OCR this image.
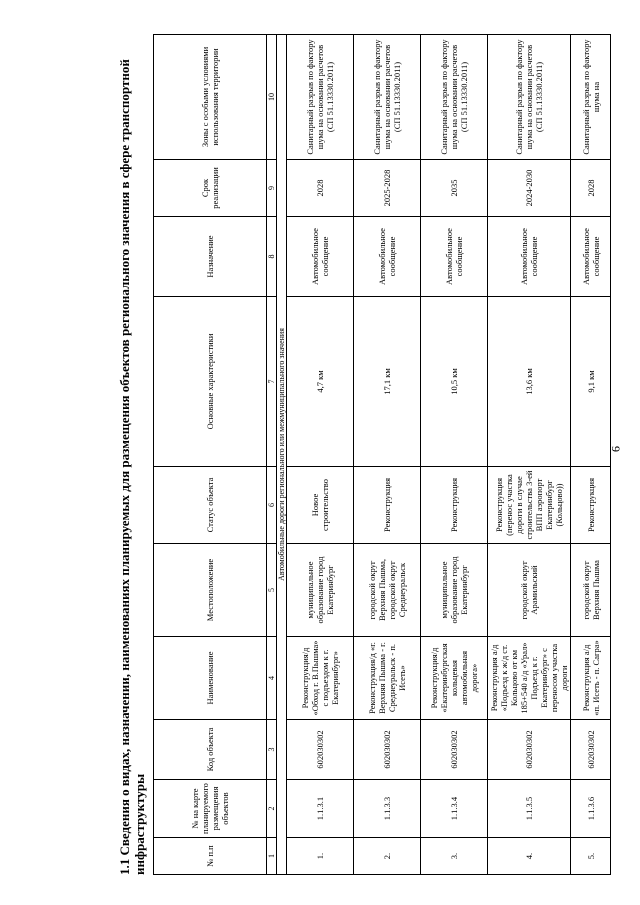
9
1.1 Сведения о видах, назначении, наименованиях планируемых для размещения объектов регионального значения в сфере транспортной инфраструктуры	№ п.п	№ на карте планируемого размещения объектов	Код объекта	Наименование	Местоположение	Статус объекта	Основные характеристики	Назначение	Срок реализации	Зоны с особыми условиями использования территории
1	2	3	4	5	6	7	8	9	10
Автомобильные дороги регионального или межмуниципального значения									
1.	1.1.3.1	602030302	Реконструкция/д «Обход г. В.Пышма» с подъездом к г. Екатеринбург»	муниципальное образование город Екатеринбург	Новое строительство	4,7 км	Автомобильное сообщение	2028	Санитарный разрыв по фактору шума на основании расчетов (СП 51.13330.2011)
2.	1.1.3.3	602030302	Реконструкция/д «г. Верхняя Пышма - г. Среднеуральск - п. Исеть»	городской округ Верхняя Пышма, городской округ Среднеуральск	Реконструкция	17,1 км	Автомобильное сообщение	2025-2028	Санитарный разрыв по фактору шума на основании расчетов (СП 51.13330.2011)
3.	1.1.3.4	602030302	Реконструкция/д «Екатеринбургская кольцевая автомобильная дорога»	муниципальное образование город Екатеринбург	Реконструкция	10,5 км	Автомобильное сообщение	2035	Санитарный разрыв по фактору шума на основании расчетов (СП 51.13330.2011)
4.	1.1.3.5	602030302	Реконструкция а/д «Подъезд к ж/д ст. Кольцово от км 185+540 а/д «Урал» Подъезд к г. Екатеринбург» с переносом участка дороги	городской округ Арамильский	Реконструкция (перенос участка дороги в случае строительства 3-ей ВПП аэропорт Екатеринбург (Кольцово))	13,6 км	Автомобильное сообщение	2024-2030	Санитарный разрыв по фактору шума на основании расчетов (СП 51.13330.2011)
5.	1.1.3.6	602030302	Реконструкция а/д «п. Исеть - п. Сагра»	городской округ Верхняя Пышма	Реконструкция	9,1 км	Автомобильное сообщение	2028	Санитарный разрыв по фактору шума на
